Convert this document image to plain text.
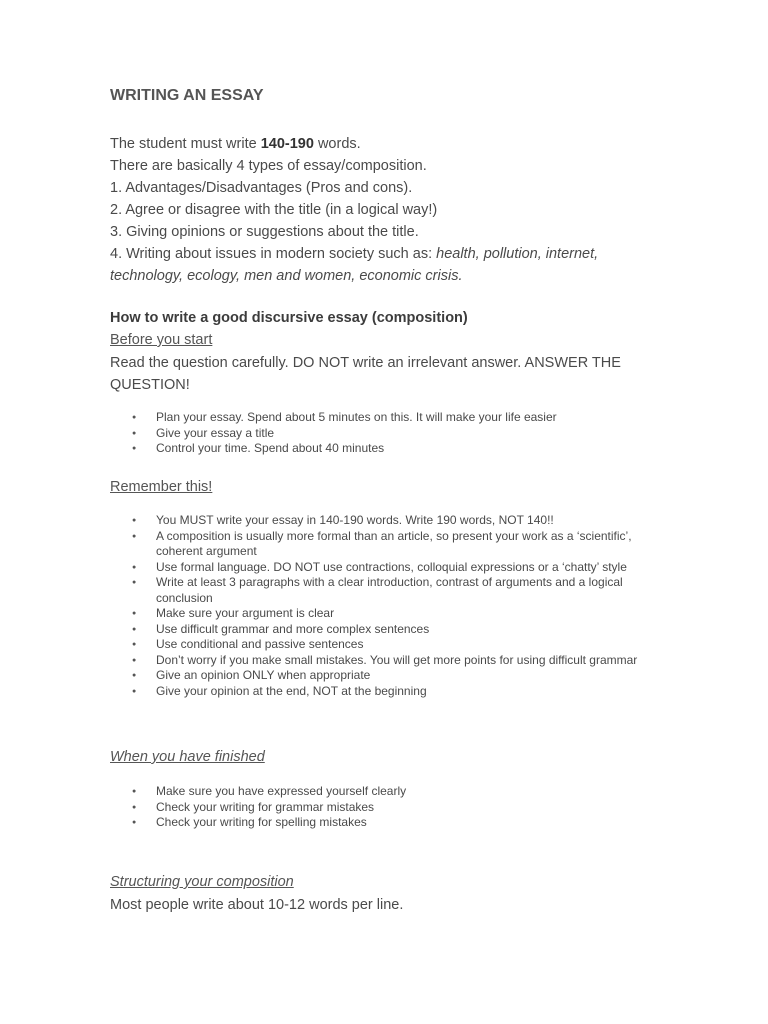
WRITING AN ESSAY

The student must write 140-190 words.

There are basically 4 types of essay/composition.

1. Advantages/Disadvantages (Pros and cons).

2. Agree or disagree with the title (in a logical way!)

3. Giving opinions or suggestions about the title.

4. Writing about issues in modern society such as: health, pollution, internet, technology, ecology, men and women, economic crisis.

How to write a good discursive essay (composition)

Before you start

Read the question carefully. DO NOT write an irrelevant answer. ANSWER THE QUESTION!

● Plan your essay. Spend about 5 minutes on this. It will make your life easier
● Give your essay a title
● Control your time. Spend about 40 minutes

Remember this!

● You MUST write your essay in 140-190 words. Write 190 words, NOT 140!!
● A composition is usually more formal than an article, so present your work as a ‘scientific’, coherent argument
● Use formal language. DO NOT use contractions, colloquial expressions or a ‘chatty’ style
● Write at least 3 paragraphs with a clear introduction, contrast of arguments and a logical conclusion
● Make sure your argument is clear
● Use difficult grammar and more complex sentences
● Use conditional and passive sentences
● Don’t worry if you make small mistakes. You will get more points for using difficult grammar
● Give an opinion ONLY when appropriate
● Give your opinion at the end, NOT at the beginning

When you have finished

● Make sure you have expressed yourself clearly
● Check your writing for grammar mistakes
● Check your writing for spelling mistakes

Structuring your composition

Most people write about 10-12 words per line.
